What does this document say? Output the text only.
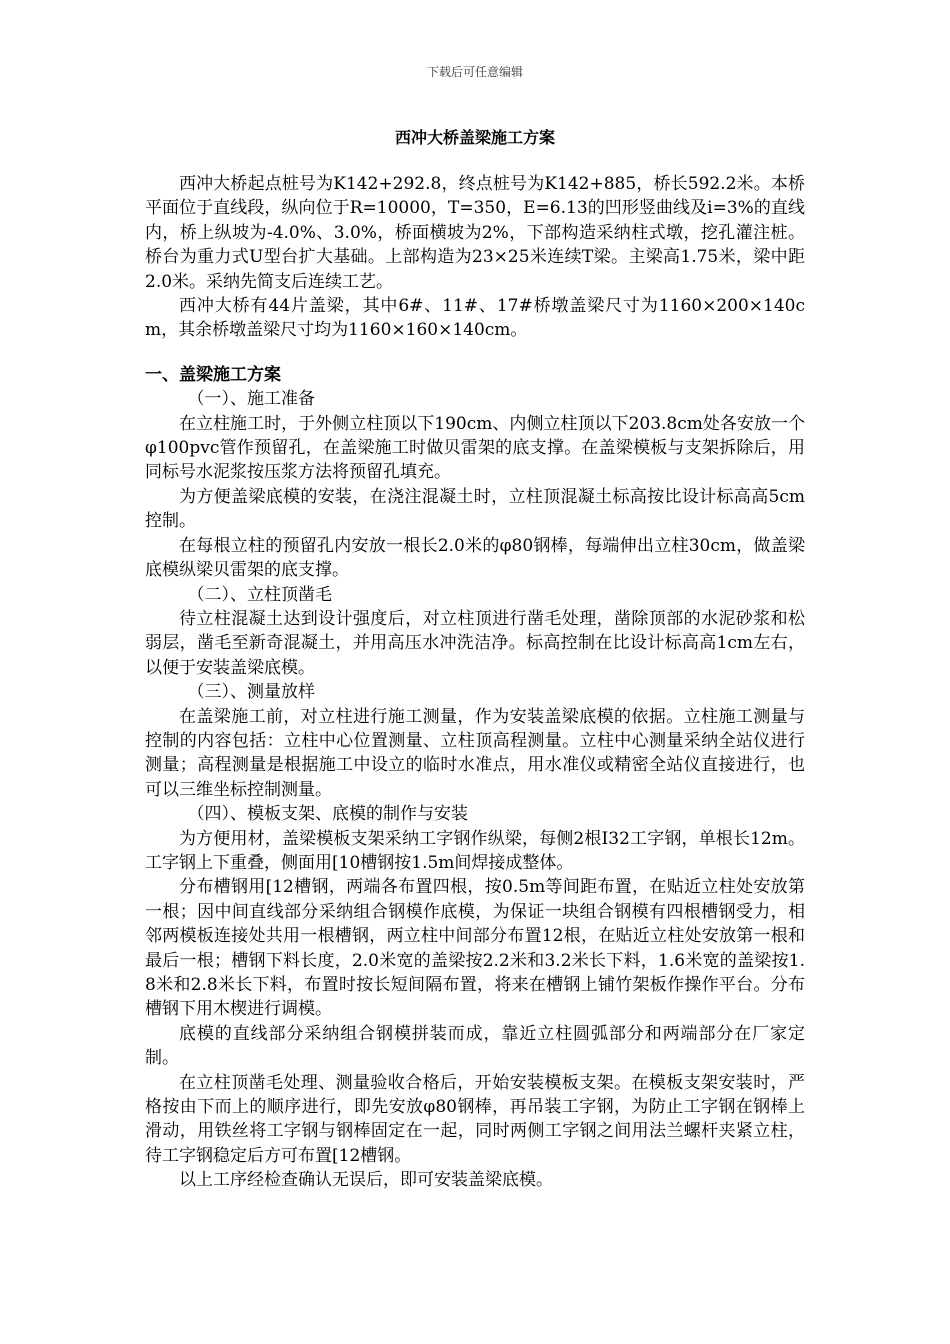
下载后可任意编辑
西冲大桥盖梁施工方案

西冲大桥起点桩号为K142+292.8，终点桩号为K142+885，桥长592.2米。本桥平面位于直线段，纵向位于R=10000，T=350，E=6.13的凹形竖曲线及i=3%的直线内，桥上纵坡为-4.0%、3.0%，桥面横坡为2%，下部构造采纳柱式墩，挖孔灌注桩。桥台为重力式U型台扩大基础。上部构造为23×25米连续T梁。主梁高1.75米，梁中距2.0米。采纳先简支后连续工艺。

西冲大桥有44片盖梁，其中6#、11#、17#桥墩盖梁尺寸为1160×200×140cm，其余桥墩盖梁尺寸均为1160×160×140cm。

一、盖梁施工方案

（一）、施工准备

在立柱施工时，于外侧立柱顶以下190cm、内侧立柱顶以下203.8cm处各安放一个φ100pvc管作预留孔，在盖梁施工时做贝雷架的底支撑。在盖梁模板与支架拆除后，用同标号水泥浆按压浆方法将预留孔填充。

为方便盖梁底模的安装，在浇注混凝土时，立柱顶混凝土标高按比设计标高高5cm控制。

在每根立柱的预留孔内安放一根长2.0米的φ80钢棒，每端伸出立柱30cm，做盖梁底模纵梁贝雷架的底支撑。

（二）、立柱顶凿毛

待立柱混凝土达到设计强度后，对立柱顶进行凿毛处理，凿除顶部的水泥砂浆和松弱层，凿毛至新奇混凝土，并用高压水冲洗洁净。标高控制在比设计标高高1cm左右，以便于安装盖梁底模。

（三）、测量放样

在盖梁施工前，对立柱进行施工测量，作为安装盖梁底模的依据。立柱施工测量与控制的内容包括：立柱中心位置测量、立柱顶高程测量。立柱中心测量采纳全站仪进行测量；高程测量是根据施工中设立的临时水准点，用水准仪或精密全站仪直接进行，也可以三维坐标控制测量。

（四）、模板支架、底模的制作与安装

为方便用材，盖梁模板支架采纳工字钢作纵梁，每侧2根I32工字钢，单根长12m。工字钢上下重叠，侧面用[10槽钢按1.5m间焊接成整体。

分布槽钢用[12槽钢，两端各布置四根，按0.5m等间距布置，在贴近立柱处安放第一根；因中间直线部分采纳组合钢模作底模，为保证一块组合钢模有四根槽钢受力，相邻两模板连接处共用一根槽钢，两立柱中间部分布置12根，在贴近立柱处安放第一根和最后一根；槽钢下料长度，2.0米宽的盖梁按2.2米和3.2米长下料，1.6米宽的盖梁按1.8米和2.8米长下料，布置时按长短间隔布置，将来在槽钢上铺竹架板作操作平台。分布槽钢下用木楔进行调模。

底模的直线部分采纳组合钢模拼装而成，靠近立柱圆弧部分和两端部分在厂家定制。

在立柱顶凿毛处理、测量验收合格后，开始安装模板支架。在模板支架安装时，严格按由下而上的顺序进行，即先安放φ80钢棒，再吊装工字钢，为防止工字钢在钢棒上滑动，用铁丝将工字钢与钢棒固定在一起，同时两侧工字钢之间用法兰螺杆夹紧立柱，待工字钢稳定后方可布置[12槽钢。

以上工序经检查确认无误后，即可安装盖梁底模。
